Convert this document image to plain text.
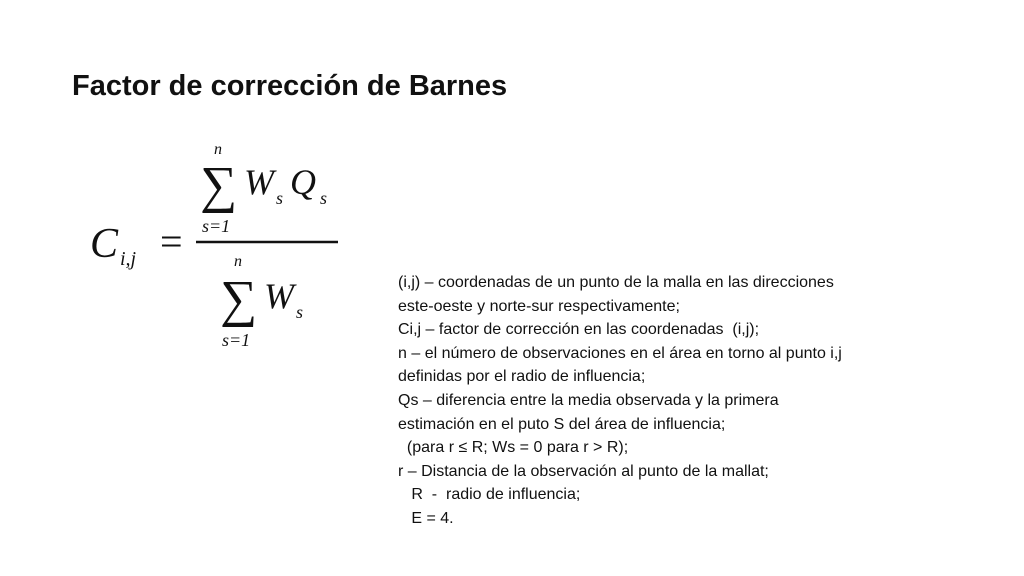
Factor de corrección de Barnes
C i,j =
n
∑
s=1
W s Q s
n
∑
s=1
W s
(i,j) – coordenadas de un punto de la malla en las direcciones
este-oeste y norte-sur respectivamente;
Ci,j – factor de corrección en las coordenadas  (i,j);
n – el número de observaciones en el área en torno al punto i,j
definidas por el radio de influencia;
Qs – diferencia entre la media observada y la primera
estimación en el puto S del área de influencia;
(para r ≤ R; Ws = 0 para r > R);
r – Distancia de la observación al punto de la mallat;
R  -  radio de influencia;
E = 4.
